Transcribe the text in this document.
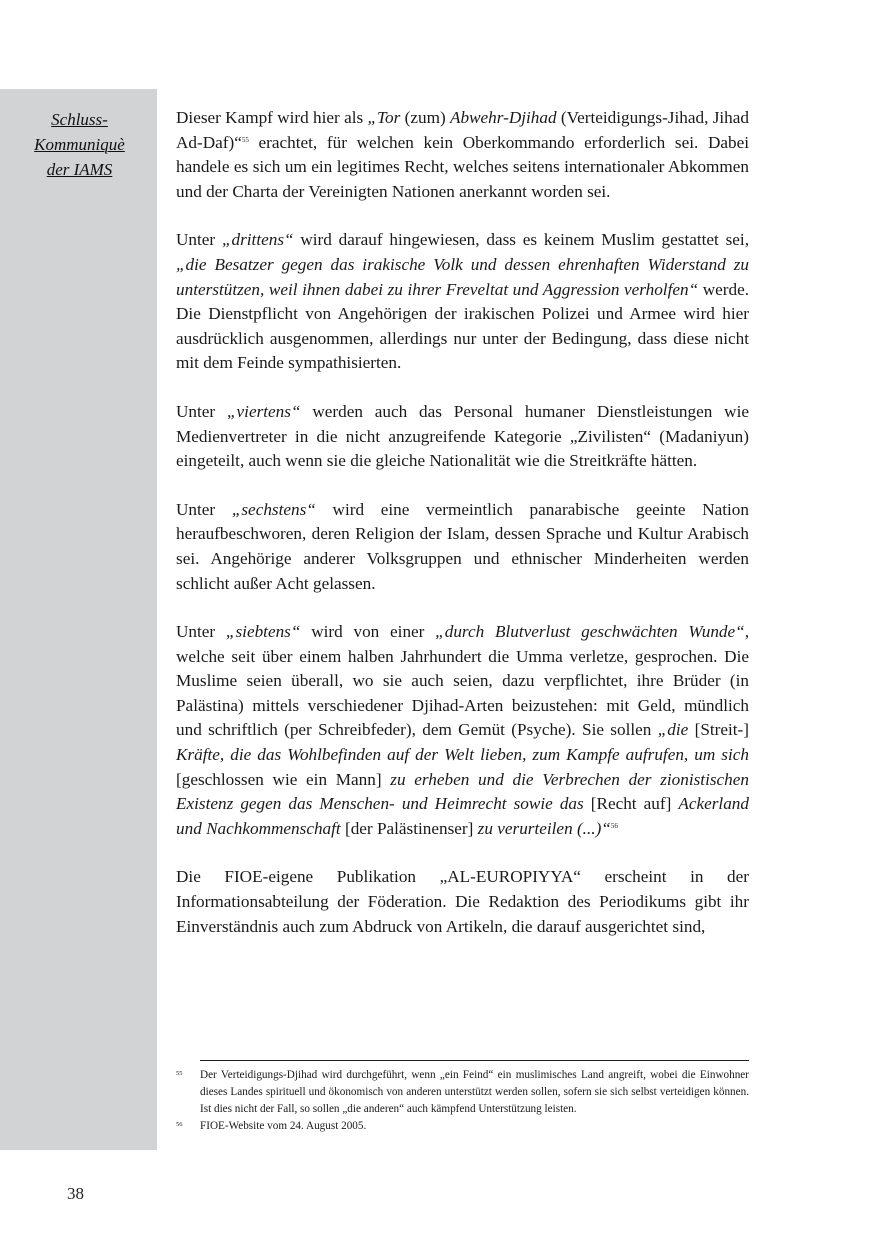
Schluss-
Kommuniquè
der IAMS

Dieser Kampf wird hier als „Tor (zum) Abwehr-Djihad (Verteidigungs-Jihad, Jihad Ad-Daf)“$^{55}$ erachtet, für welchen kein Oberkommando erforderlich sei. Dabei handele es sich um ein legitimes Recht, welches seitens internationaler Abkommen und der Charta der Vereinigten Nationen anerkannt worden sei.

Unter „drittens“ wird darauf hingewiesen, dass es keinem Muslim gestattet sei, „die Besatzer gegen das irakische Volk und dessen ehrenhaften Widerstand zu unterstützen, weil ihnen dabei zu ihrer Freveltat und Aggression verholfen“ werde. Die Dienstpflicht von Angehörigen der irakischen Polizei und Armee wird hier ausdrücklich ausgenommen, allerdings nur unter der Bedingung, dass diese nicht mit dem Feinde sympathisierten.

Unter „viertens“ werden auch das Personal humaner Dienstleistungen wie Medienvertreter in die nicht anzugreifende Kategorie „Zivilisten“ (Madaniyun) eingeteilt, auch wenn sie die gleiche Nationalität wie die Streitkräfte hätten.

Unter „sechstens“ wird eine vermeintlich panarabische geeinte Nation heraufbeschworen, deren Religion der Islam, dessen Sprache und Kultur Arabisch sei. Angehörige anderer Volksgruppen und ethnischer Minderheiten werden schlicht außer Acht gelassen.

Unter „siebtens“ wird von einer „durch Blutverlust geschwächten Wunde“, welche seit über einem halben Jahrhundert die Umma verletze, gesprochen. Die Muslime seien überall, wo sie auch seien, dazu verpflichtet, ihre Brüder (in Palästina) mittels verschiedener Djihad-Arten beizustehen: mit Geld, mündlich und schriftlich (per Schreibfeder), dem Gemüt (Psyche). Sie sollen „die [Streit-] Kräfte, die das Wohlbefinden auf der Welt lieben, zum Kampfe aufrufen, um sich [geschlossen wie ein Mann] zu erheben und die Verbrechen der zionistischen Existenz gegen das Menschen- und Heimrecht sowie das [Recht auf] Ackerland und Nachkommenschaft [der Palästinenser] zu verurteilen (...)“$^{56}$

Die FIOE-eigene Publikation „AL-EUROPIYYA“ erscheint in der Informationsabteilung der Föderation. Die Redaktion des Periodikums gibt ihr Einverständnis auch zum Abdruck von Artikeln, die darauf ausgerichtet sind,

55 Der Verteidigungs-Djihad wird durchgeführt, wenn „ein Feind“ ein muslimisches Land angreift, wobei die Einwohner dieses Landes spirituell und ökonomisch von anderen unterstützt werden sollen, sofern sie sich selbst verteidigen können. Ist dies nicht der Fall, so sollen „die anderen“ auch kämpfend Unterstützung leisten.
56 FIOE-Website vom 24. August 2005.
38
